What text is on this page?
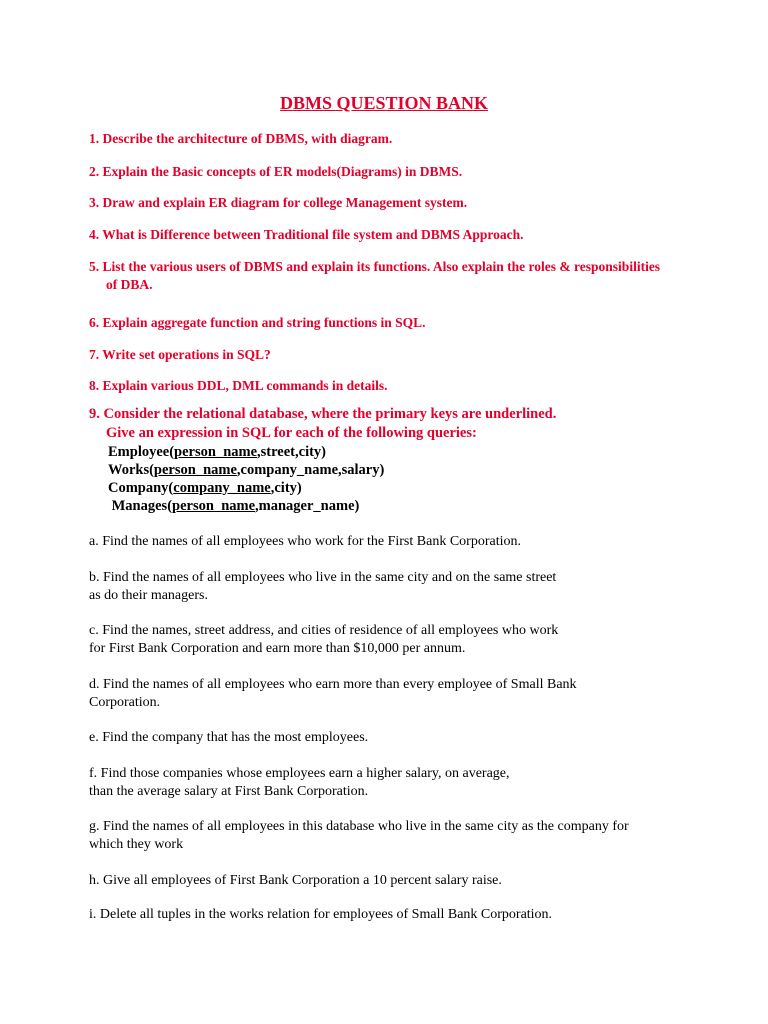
DBMS QUESTION BANK
1. Describe the architecture of DBMS, with diagram.
2. Explain the Basic concepts of ER models(Diagrams) in DBMS.
3. Draw and explain ER diagram for college Management system.
4. What is Difference between Traditional file system and DBMS Approach.
5. List the various users of DBMS and explain its functions. Also explain the roles & responsibilities
of DBA.
6. Explain aggregate function and string functions in SQL.
7. Write set operations in SQL?
8. Explain various DDL, DML commands in details.
9. Consider the relational database, where the primary keys are underlined.
Give an expression in SQL for each of the following queries:
Employee(person_name,street,city)
Works(person_name,company_name,salary)
Company(company_name,city)
Manages(person_name,manager_name)
a. Find the names of all employees who work for the First Bank Corporation.
b. Find the names of all employees who live in the same city and on the same street
as do their managers.
c. Find the names, street address, and cities of residence of all employees who work
for First Bank Corporation and earn more than $10,000 per annum.
d. Find the names of all employees who earn more than every employee of Small Bank
Corporation.
e. Find the company that has the most employees.
f. Find those companies whose employees earn a higher salary, on average,
than the average salary at First Bank Corporation.
g. Find the names of all employees in this database who live in the same city as the company for
which they work
h. Give all employees of First Bank Corporation a 10 percent salary raise.
i. Delete all tuples in the works relation for employees of Small Bank Corporation.
